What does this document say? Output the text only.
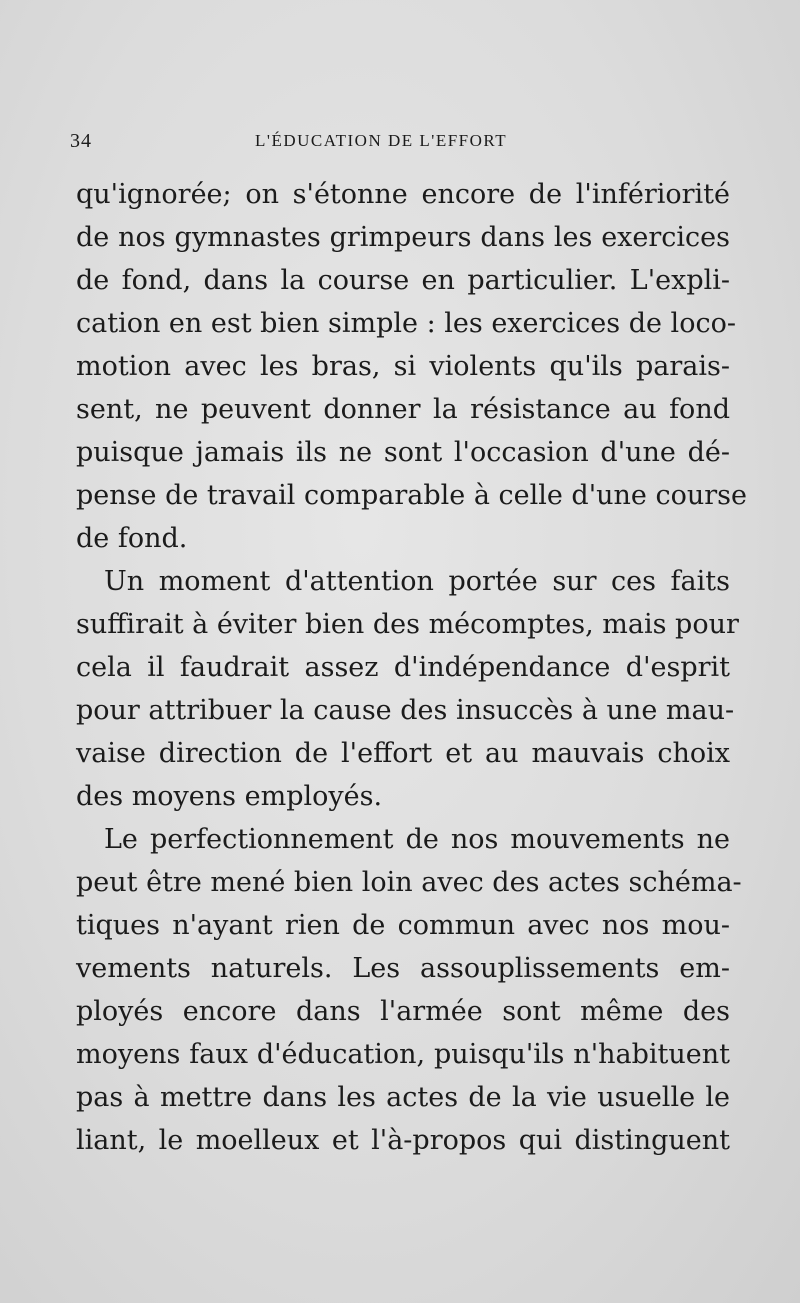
34	L'ÉDUCATION DE L'EFFORT
qu'ignorée; on s'étonne encore de l'infériorité
de nos gymnastes grimpeurs dans les exercices
de fond, dans la course en particulier. L'expli-
cation en est bien simple : les exercices de loco-
motion avec les bras, si violents qu'ils parais-
sent, ne peuvent donner la résistance au fond
puisque jamais ils ne sont l'occasion d'une dé-
pense de travail comparable à celle d'une course
de fond.
Un moment d'attention portée sur ces faits
suffirait à éviter bien des mécomptes, mais pour
cela il faudrait assez d'indépendance d'esprit
pour attribuer la cause des insuccès à une mau-
vaise direction de l'effort et au mauvais choix
des moyens employés.
Le perfectionnement de nos mouvements ne
peut être mené bien loin avec des actes schéma-
tiques n'ayant rien de commun avec nos mou-
vements naturels. Les assouplissements em-
ployés encore dans l'armée sont même des
moyens faux d'éducation, puisqu'ils n'habituent
pas à mettre dans les actes de la vie usuelle le
liant, le moelleux et l'à-propos qui distinguent
